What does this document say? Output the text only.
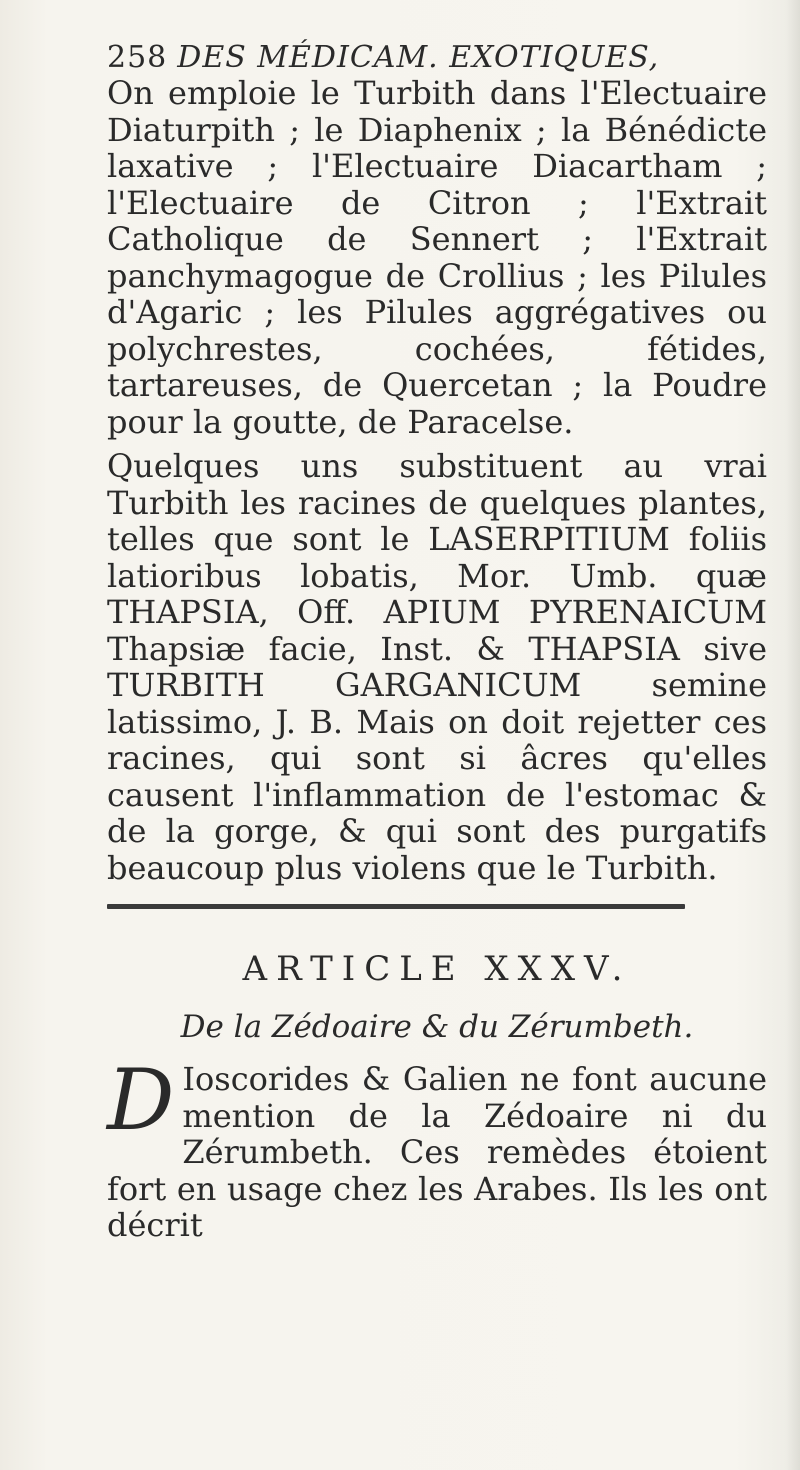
258 DES MÉDICAM. EXOTIQUES,

On emploie le Turbith dans l'Electuaire Diaturpith ; le Diaphenix ; la Bénédicte laxative ; l'Electuaire Diacartham ; l'Electuaire de Citron ; l'Extrait Catholique de Sennert ; l'Extrait panchymagogue de Crollius ; les Pilules d'Agaric ; les Pilules aggrégatives ou polychrestes, cochées, fétides, tartareuses, de Quercetan ; la Poudre pour la goutte, de Paracelse.

Quelques uns substituent au vrai Turbith les racines de quelques plantes, telles que sont le LASERPITIUM foliis latioribus lobatis, Mor. Umb. quæ THAPSIA, Off. APIUM PYRENAICUM Thapsiæ facie, Inst. & THAPSIA sive TURBITH GARGANICUM semine latissimo, J. B. Mais on doit rejetter ces racines, qui sont si âcres qu'elles causent l'inflammation de l'estomac & de la gorge, & qui sont des purgatifs beaucoup plus violens que le Turbith.

ARTICLE XXXV.
De la Zédoaire & du Zérumbeth.

D Ioscorides & Galien ne font aucune mention de la Zédoaire ni du Zérumbeth. Ces remèdes étoient fort en usage chez les Arabes. Ils les ont décrit
